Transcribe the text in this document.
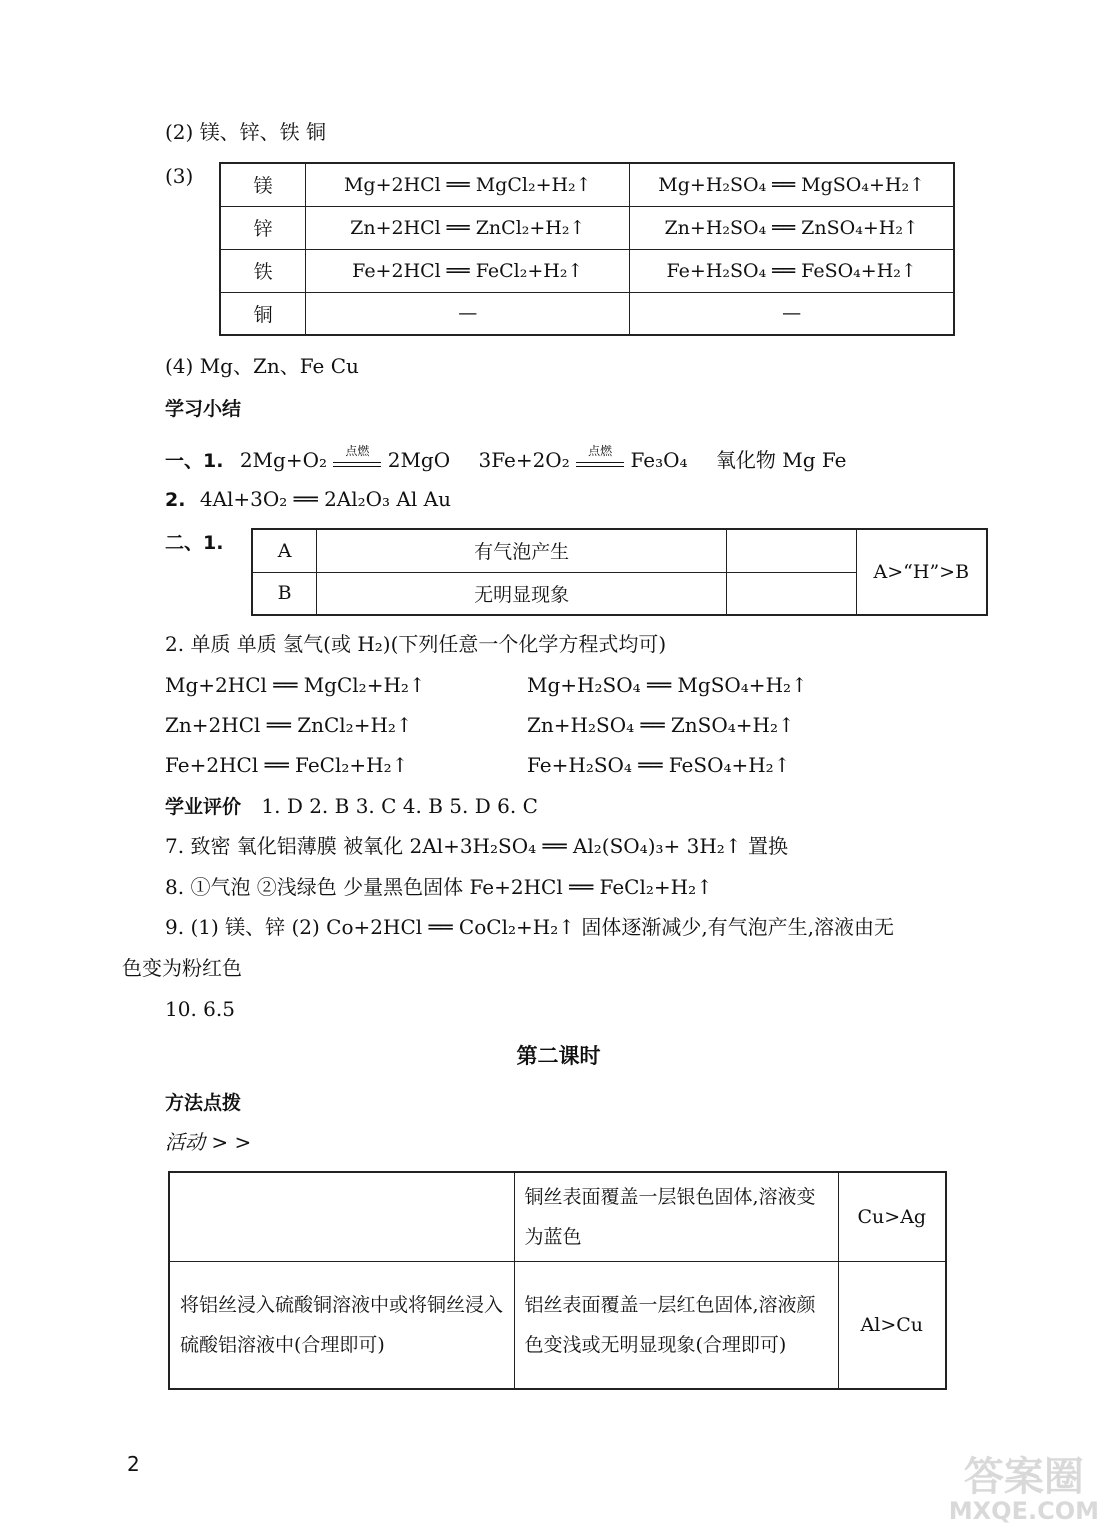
(2) 镁、锌、铁 铜
(3)	镁	Mg+2HCl ══ MgCl₂+H₂↑	Mg+H₂SO₄ ══ MgSO₄+H₂↑
锌	Zn+2HCl ══ ZnCl₂+H₂↑	Zn+H₂SO₄ ══ ZnSO₄+H₂↑
铁	Fe+2HCl ══ FeCl₂+H₂↑	Fe+H₂SO₄ ══ FeSO₄+H₂↑
铜	—	—
(4) Mg、Zn、Fe Cu
学习小结
一、1. 2Mg+O₂	点燃 2MgO 3Fe+2O₂	点燃 Fe₃O₄ 氧化物 Mg Fe
2. 4Al+3O₂ ══ 2Al₂O₃ Al Au
二、1.	A	有气泡产生		A>“H”>B
B	无明显现象		
2. 单质 单质 氢气(或 H₂)(下列任意一个化学方程式均可)
Mg+2HCl ══ MgCl₂+H₂↑	Mg+H₂SO₄ ══ MgSO₄+H₂↑
Zn+2HCl ══ ZnCl₂+H₂↑	Zn+H₂SO₄ ══ ZnSO₄+H₂↑
Fe+2HCl ══ FeCl₂+H₂↑	Fe+H₂SO₄ ══ FeSO₄+H₂↑
学业评价 1. D 2. B 3. C 4. B 5. D 6. C
7. 致密 氧化铝薄膜 被氧化 2Al+3H₂SO₄ ══ Al₂(SO₄)₃+ 3H₂↑ 置换
8. ①气泡 ②浅绿色 少量黑色固体 Fe+2HCl ══ FeCl₂+H₂↑
9. (1) 镁、锌 (2) Co+2HCl ══ CoCl₂+H₂↑ 固体逐渐减少,有气泡产生,溶液由无
色变为粉红色
10. 6.5
第二课时
方法点拨
活动 > >
	铜丝表面覆盖一层银色固体,溶液变为蓝色	Cu>Ag
将铝丝浸入硫酸铜溶液中或将铜丝浸入硫酸铝溶液中(合理即可)	铝丝表面覆盖一层红色固体,溶液颜色变浅或无明显现象(合理即可)	Al>Cu
2	答案圈
MXQE.COM
